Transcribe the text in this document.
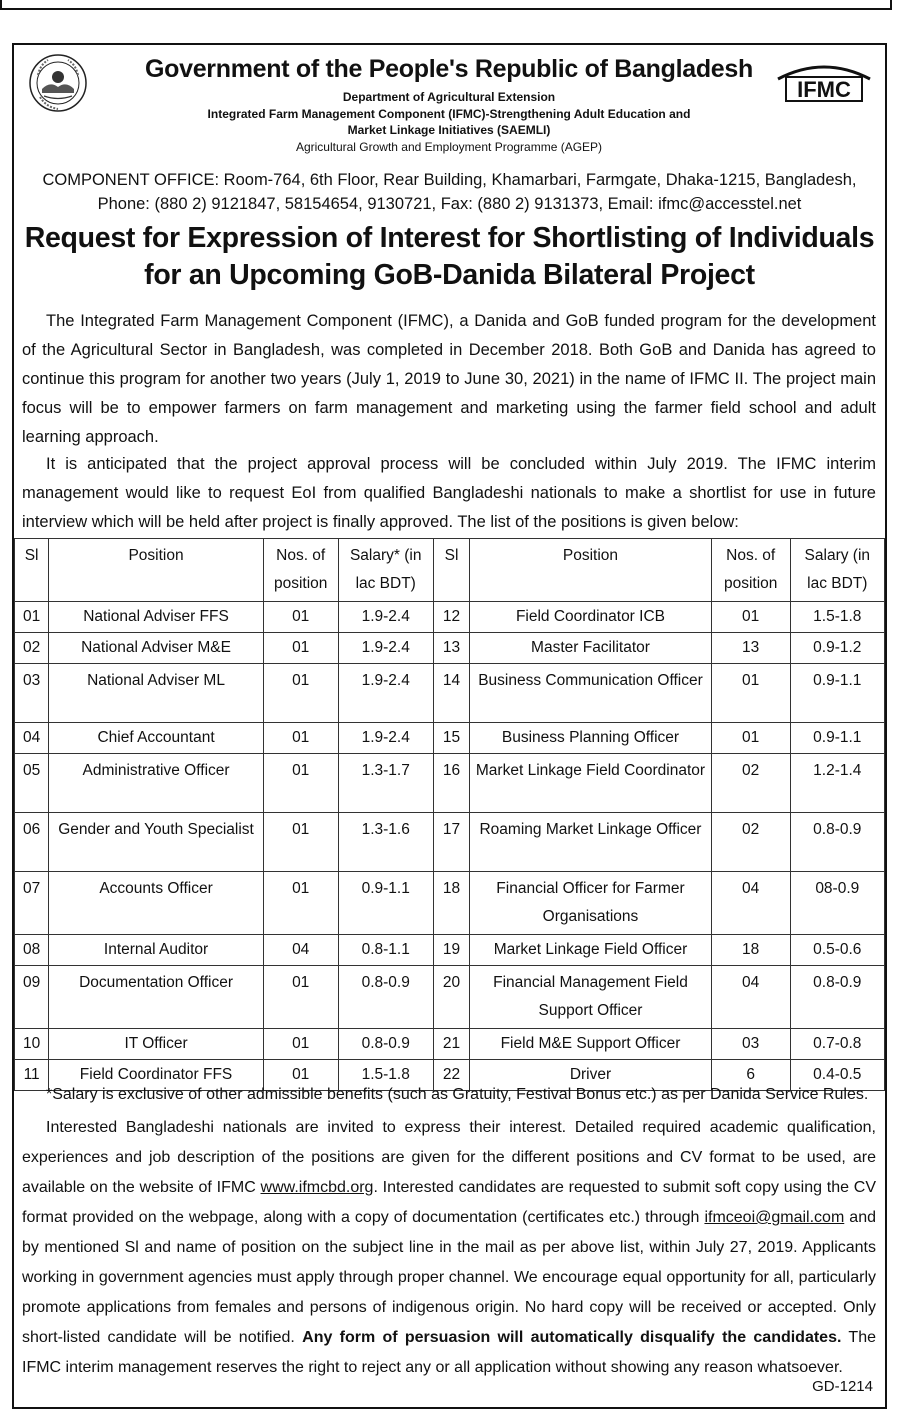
Government of the People's Republic of Bangladesh
Department of Agricultural Extension
Integrated Farm Management Component (IFMC)-Strengthening Adult Education and
Market Linkage Initiatives (SAEMLI)
Agricultural Growth and Employment Programme (AGEP)
IFMC
COMPONENT OFFICE: Room-764, 6th Floor, Rear Building, Khamarbari, Farmgate, Dhaka-1215, Bangladesh,
Phone: (880 2) 9121847, 58154654, 9130721, Fax: (880 2) 9131373, Email: ifmc@accesstel.net
Request for Expression of Interest for Shortlisting of Individuals
for an Upcoming GoB-Danida Bilateral Project
The Integrated Farm Management Component (IFMC), a Danida and GoB funded program for the development of the Agricultural Sector in Bangladesh, was completed in December 2018. Both GoB and Danida has agreed to continue this program for another two years (July 1, 2019 to June 30, 2021) in the name of IFMC II. The project main focus will be to empower farmers on farm management and marketing using the farmer field school and adult learning approach.
It is anticipated that the project approval process will be concluded within July 2019. The IFMC interim management would like to request EoI from qualified Bangladeshi nationals to make a shortlist for use in future interview which will be held after project is finally approved. The list of the positions is given below:
Sl	Position	Nos. of position	Salary* (in lac BDT)	Sl	Position	Nos. of position	Salary (in lac BDT)
01	National Adviser FFS	01	1.9-2.4	12	Field Coordinator ICB	01	1.5-1.8
02	National Adviser M&E	01	1.9-2.4	13	Master Facilitator	13	0.9-1.2
03	National Adviser ML	01	1.9-2.4	14	Business Communication Officer	01	0.9-1.1
04	Chief Accountant	01	1.9-2.4	15	Business Planning Officer	01	0.9-1.1
05	Administrative Officer	01	1.3-1.7	16	Market Linkage Field Coordinator	02	1.2-1.4
06	Gender and Youth Specialist	01	1.3-1.6	17	Roaming Market Linkage Officer	02	0.8-0.9
07	Accounts Officer	01	0.9-1.1	18	Financial Officer for Farmer Organisations	04	08-0.9
08	Internal Auditor	04	0.8-1.1	19	Market Linkage Field Officer	18	0.5-0.6
09	Documentation Officer	01	0.8-0.9	20	Financial Management Field Support Officer	04	0.8-0.9
10	IT Officer	01	0.8-0.9	21	Field M&E Support Officer	03	0.7-0.8
11	Field Coordinator FFS	01	1.5-1.8	22	Driver	6	0.4-0.5
*Salary is exclusive of other admissible benefits (such as Gratuity, Festival Bonus etc.) as per Danida Service Rules.
Interested Bangladeshi nationals are invited to express their interest. Detailed required academic qualification, experiences and job description of the positions are given for the different positions and CV format to be used, are available on the website of IFMC www.ifmcbd.org. Interested candidates are requested to submit soft copy using the CV format provided on the webpage, along with a copy of documentation (certificates etc.) through ifmceoi@gmail.com and by mentioned Sl and name of position on the subject line in the mail as per above list, within July 27, 2019. Applicants working in government agencies must apply through proper channel. We encourage equal opportunity for all, particularly promote applications from females and persons of indigenous origin. No hard copy will be received or accepted. Only short-listed candidate will be notified. Any form of persuasion will automatically disqualify the candidates. The IFMC interim management reserves the right to reject any or all application without showing any reason whatsoever.
GD-1214
